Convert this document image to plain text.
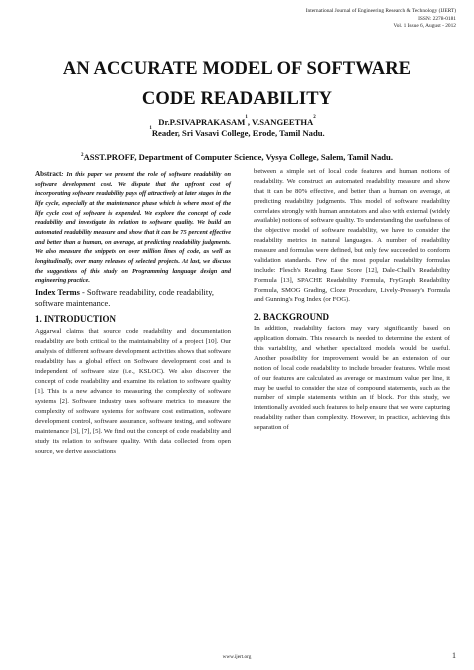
International Journal of Engineering Research & Technology (IJERT)
ISSN: 2278-0181
Vol. 1 Issue 6, August - 2012
AN ACCURATE MODEL OF SOFTWARE
CODE READABILITY
Dr.P.SIVAPRAKASAM$^1$, V.SANGEETHA$^2$
$^1$Reader, Sri Vasavi College, Erode, Tamil Nadu.
$^2$ASST.PROFF, Department of Computer Science, Vysya College, Salem, Tamil Nadu.
Abstract: In this paper we present the role of software readability on software development cost. We dispute that the upfront cost of incorporating software readability pays off attractively at later stages in the life cycle, especially at the maintenance phase which is where most of the life cycle cost of software is expended. We explore the concept of code readability and investigate its relation to software quality. We build an automated readability measure and show that it can be 75 percent effective and better than a human, on average, at predicting readability judgments. We also measure the snippets on over million lines of code, as well as longitudinally, over many releases of selected projects. At last, we discuss the suggestions of this study on Programming language design and engineering practice.
Index Terms - Software readability, code readability, software maintenance.
1. INTRODUCTION
Aggarwal claims that source code readability and documentation readability are both critical to the maintainability of a project [10]. Our analysis of different software development activities shows that software readability has a global effect on Software development cost and is independent of software size (i.e., KSLOC). We also discover the concept of code readability and examine its relation to software quality [1]. This is a new advance to measuring the complexity of software systems [2]. Software industry uses software metrics to measure the complexity of software systems for software cost estimation, software development control, software assurance, software testing, and software maintenance [3], [7], [5]. We find out the concept of code readability and study its relation to software quality. With data collected from open source, we derive associations
between a simple set of local code features and human notions of readability. We construct an automated readability measure and show that it can be 80% effective, and better than a human on average, at predicting readability judgments. This model of software readability correlates strongly with human annotators and also with external (widely available) notions of software quality. To understanding the usefulness of the objective model of software readability, we have to consider the readability metrics in natural languages. A number of readability measure and formulas were defined, but only few succeeded to conform validation standards. Few of the most popular readability formulas include: Flesch's Reading Ease Score [12], Dale-Chall's Readability Formula [13], SPACHE Readability Formula, FryGraph Readability Formula, SMOG Grading, Cloze Procedure, Lively-Pressey's Formula and Gunning's Fog Index (or FOG).
2. BACKGROUND
In addition, readability factors may vary significantly based on application domain. This research is needed to determine the extent of this variability, and whether specialized models would be useful. Another possibility for improvement would be an extension of our notion of local code readability to include broader features. While most of our features are calculated as average or maximum value per line, it may be useful to consider the size of compound statements, such as the number of simple statements within an if block. For this study, we intentionally avoided such features to help ensure that we were capturing readability rather than complexity. However, in practice, achieving this separation of
www.ijert.org	1
